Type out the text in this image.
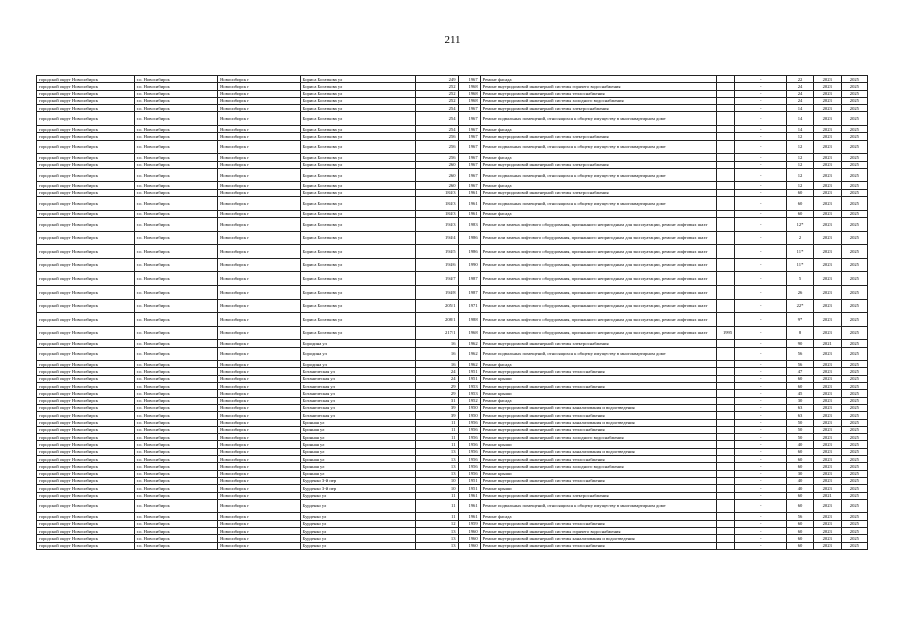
211
городской округ Новосибирск	г.о. Новосибирск	Новосибирск г	Бориса Богаткова ул	249	1967	Ремонт фасада		-	22	2023	2025
городской округ Новосибирск	г.о. Новосибирск	Новосибирск г	Бориса Богаткова ул	252	1968	Ремонт внутридомовой инженерной системы горячего водоснабжения		-	24	2023	2025
городской округ Новосибирск	г.о. Новосибирск	Новосибирск г	Бориса Богаткова ул	252	1968	Ремонт внутридомовой инженерной системы теплоснабжения		-	24	2023	2025
городской округ Новосибирск	г.о. Новосибирск	Новосибирск г	Бориса Богаткова ул	252	1968	Ремонт внутридомовой инженерной системы холодного водоснабжения		-	24	2023	2025
городской округ Новосибирск	г.о. Новосибирск	Новосибирск г	Бориса Богаткова ул	254	1967	Ремонт внутридомовой инженерной системы электроснабжения		-	14	2023	2025
городской округ Новосибирск	г.о. Новосибирск	Новосибирск г	Бориса Богаткова ул	254	1967	Ремонт подвальных помещений, относящихся к общему имуществу в многоквартирном доме		-	14	2023	2025
городской округ Новосибирск	г.о. Новосибирск	Новосибирск г	Бориса Богаткова ул	254	1967	Ремонт фасада		-	14	2023	2025
городской округ Новосибирск	г.о. Новосибирск	Новосибирск г	Бориса Богаткова ул	256	1967	Ремонт внутридомовой инженерной системы электроснабжения		-	12	2023	2025
городской округ Новосибирск	г.о. Новосибирск	Новосибирск г	Бориса Богаткова ул	256	1967	Ремонт подвальных помещений, относящихся к общему имуществу в многоквартирном доме		-	12	2023	2025
городской округ Новосибирск	г.о. Новосибирск	Новосибирск г	Бориса Богаткова ул	256	1967	Ремонт фасада		-	12	2023	2025
городской округ Новосибирск	г.о. Новосибирск	Новосибирск г	Бориса Богаткова ул	260	1967	Ремонт внутридомовой инженерной системы электроснабжения		-	12	2023	2025
городской округ Новосибирск	г.о. Новосибирск	Новосибирск г	Бориса Богаткова ул	260	1967	Ремонт подвальных помещений, относящихся к общему имуществу в многоквартирном доме		-	12	2023	2025
городской округ Новосибирск	г.о. Новосибирск	Новосибирск г	Бориса Богаткова ул	260	1967	Ремонт фасада		-	12	2023	2025
городской округ Новосибирск	г.о. Новосибирск	Новосибирск г	Бориса Богаткова ул	184/3	1961	Ремонт внутридомовой инженерной системы электроснабжения		-	60	2023	2025
городской округ Новосибирск	г.о. Новосибирск	Новосибирск г	Бориса Богаткова ул	184/3	1961	Ремонт подвальных помещений, относящихся к общему имуществу в многоквартирном доме		-	60	2023	2025
городской округ Новосибирск	г.о. Новосибирск	Новосибирск г	Бориса Богаткова ул	184/3	1961	Ремонт фасада		-	60	2023	2025
городской округ Новосибирск	г.о. Новосибирск	Новосибирск г	Бориса Богаткова ул	194/3	1983	Ремонт или замена лифтового оборудования, признанного непригодным для эксплуатации, ремонт лифтовых шахт		-	12*	2023	2025
городской округ Новосибирск	г.о. Новосибирск	Новосибирск г	Бориса Богаткова ул	194/4	1986	Ремонт или замена лифтового оборудования, признанного непригодным для эксплуатации, ремонт лифтовых шахт		-	2	2023	2025
городской округ Новосибирск	г.о. Новосибирск	Новосибирск г	Бориса Богаткова ул	194/5	1986	Ремонт или замена лифтового оборудования, признанного непригодным для эксплуатации, ремонт лифтовых шахт		-	11*	2023	2025
городской округ Новосибирск	г.о. Новосибирск	Новосибирск г	Бориса Богаткова ул	194/6	1990	Ремонт или замена лифтового оборудования, признанного непригодным для эксплуатации, ремонт лифтовых шахт		-	11*	2023	2025
городской округ Новосибирск	г.о. Новосибирск	Новосибирск г	Бориса Богаткова ул	194/7	1987	Ремонт или замена лифтового оборудования, признанного непригодным для эксплуатации, ремонт лифтовых шахт		-	5	2023	2025
городской округ Новосибирск	г.о. Новосибирск	Новосибирск г	Бориса Богаткова ул	194/8	1987	Ремонт или замена лифтового оборудования, признанного непригодным для эксплуатации, ремонт лифтовых шахт		-	26	2023	2025
городской округ Новосибирск	г.о. Новосибирск	Новосибирск г	Бориса Богаткова ул	205/1	1971	Ремонт или замена лифтового оборудования, признанного непригодным для эксплуатации, ремонт лифтовых шахт		-	22*	2023	2025
городской округ Новосибирск	г.о. Новосибирск	Новосибирск г	Бориса Богаткова ул	208/1	1988	Ремонт или замена лифтового оборудования, признанного непригодным для эксплуатации, ремонт лифтовых шахт		-	9*	2023	2025
городской округ Новосибирск	г.о. Новосибирск	Новосибирск г	Бориса Богаткова ул	217/1	1968	Ремонт или замена лифтового оборудования, признанного непригодным для эксплуатации, ремонт лифтовых шахт	1995	-	8	2023	2025
городской округ Новосибирск	г.о. Новосибирск	Новосибирск г	Бородина ул	16	1962	Ремонт внутридомовой инженерной системы электроснабжения		-	90	2021	2025
городской округ Новосибирск	г.о. Новосибирск	Новосибирск г	Бородина ул	16	1962	Ремонт подвальных помещений, относящихся к общему имуществу в многоквартирном доме		-	56	2023	2025
городской округ Новосибирск	г.о. Новосибирск	Новосибирск г	Бородина ул	16	1962	Ремонт фасада		-	56	2023	2025
городской округ Новосибирск	г.о. Новосибирск	Новосибирск г	Ботаническая ул	24	1951	Ремонт внутридомовой инженерной системы теплоснабжения		-	47	2023	2025
городской округ Новосибирск	г.о. Новосибирск	Новосибирск г	Ботаническая ул	24	1951	Ремонт крыши		-	60	2023	2025
городской округ Новосибирск	г.о. Новосибирск	Новосибирск г	Ботаническая ул	29	1953	Ремонт внутридомовой инженерной системы теплоснабжения		-	60	2023	2025
городской округ Новосибирск	г.о. Новосибирск	Новосибирск г	Ботаническая ул	29	1953	Ремонт крыши		-	45	2023	2025
городской округ Новосибирск	г.о. Новосибирск	Новосибирск г	Ботаническая ул	31	1952	Ремонт фасада		-	30	2023	2025
городской округ Новосибирск	г.о. Новосибирск	Новосибирск г	Ботаническая ул	39	1950	Ремонт внутридомовой инженерной системы канализования и водоотведения		-	63	2023	2025
городской округ Новосибирск	г.о. Новосибирск	Новосибирск г	Ботаническая ул	39	1950	Ремонт внутридомовой инженерной системы теплоснабжения		-	63	2023	2025
городской округ Новосибирск	г.о. Новосибирск	Новосибирск г	Бронная ул	11	1956	Ремонт внутридомовой инженерной системы канализования и водоотведения		-	50	2023	2025
городской округ Новосибирск	г.о. Новосибирск	Новосибирск г	Бронная ул	11	1956	Ремонт внутридомовой инженерной системы теплоснабжения		-	50	2023	2025
городской округ Новосибирск	г.о. Новосибирск	Новосибирск г	Бронная ул	11	1956	Ремонт внутридомовой инженерной системы холодного водоснабжения		-	50	2023	2025
городской округ Новосибирск	г.о. Новосибирск	Новосибирск г	Бронная ул	11	1956	Ремонт крыши		-	40	2023	2025
городской округ Новосибирск	г.о. Новосибирск	Новосибирск г	Бронная ул	13	1956	Ремонт внутридомовой инженерной системы канализования и водоотведения		-	60	2023	2025
городской округ Новосибирск	г.о. Новосибирск	Новосибирск г	Бронная ул	13	1956	Ремонт внутридомовой инженерной системы теплоснабжения		-	60	2023	2025
городской округ Новосибирск	г.о. Новосибирск	Новосибирск г	Бронная ул	13	1956	Ремонт внутридомовой инженерной системы холодного водоснабжения		-	60	2023	2025
городской округ Новосибирск	г.о. Новосибирск	Новосибирск г	Бронная ул	13	1956	Ремонт крыши		-	30	2023	2025
городской округ Новосибирск	г.о. Новосибирск	Новосибирск г	Бурденко 3-й пер	10	1951	Ремонт внутридомовой инженерной системы теплоснабжения		-	40	2023	2025
городской округ Новосибирск	г.о. Новосибирск	Новосибирск г	Бурденко 3-й пер	10	1951	Ремонт крыши		-	40	2023	2025
городской округ Новосибирск	г.о. Новосибирск	Новосибирск г	Бурденко ул	11	1961	Ремонт внутридомовой инженерной системы электроснабжения		-	60	2021	2025
городской округ Новосибирск	г.о. Новосибирск	Новосибирск г	Бурденко ул	11	1961	Ремонт подвальных помещений, относящихся к общему имуществу в многоквартирном доме		-	60	2023	2025
городской округ Новосибирск	г.о. Новосибирск	Новосибирск г	Бурденко ул	11	1961	Ремонт фасада		-	56	2023	2025
городской округ Новосибирск	г.о. Новосибирск	Новосибирск г	Бурденко ул	12	1959	Ремонт внутридомовой инженерной системы теплоснабжения		-	60	2023	2025
городской округ Новосибирск	г.о. Новосибирск	Новосибирск г	Бурденко ул	13	1960	Ремонт внутридомовой инженерной системы горячего водоснабжения		-	60	2023	2025
городской округ Новосибирск	г.о. Новосибирск	Новосибирск г	Бурденко ул	13	1960	Ремонт внутридомовой инженерной системы канализования и водоотведения		-	60	2023	2025
городской округ Новосибирск	г.о. Новосибирск	Новосибирск г	Бурденко ул	13	1960	Ремонт внутридомовой инженерной системы теплоснабжения		-	60	2023	2025
